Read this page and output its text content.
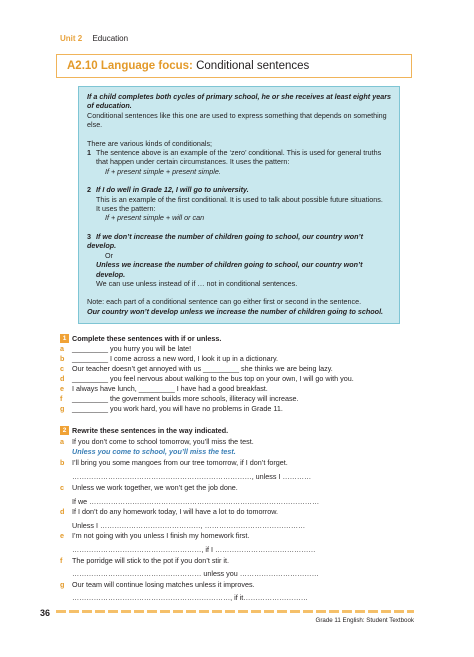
Unit 2 Education
A2.10 Language focus: Conditional sentences

If a child completes both cycles of primary school, he or she receives at least eight years of education.

Conditional sentences like this one are used to express something that depends on something else.

There are various kinds of conditionals;

1 The sentence above is an example of the ‘zero’ conditional. This is used for general truths

that happen under certain circumstances. It uses the pattern:

If + present simple + present simple.

2 If I do well in Grade 12, I will go to university.

This is an example of the first conditional. It is used to talk about possible future situations.

It uses the pattern:

If + present simple + will or can

3 If we don’t increase the number of children going to school, our country won’t develop.

Or

Unless we increase the number of children going to school, our country won’t develop.

We can use unless instead of if … not in conditional sentences.

Note: each part of a conditional sentence can go either first or second in the sentence.

Our country won’t develop unless we increase the number of children going to school.

1 Complete these sentences with if or unless.
a _________ you hurry you will be late!
b _________ I come across a new word, I look it up in a dictionary.
c Our teacher doesn’t get annoyed with us _________ she thinks we are being lazy.
d _________ you feel nervous about walking to the bus top on your own, I will go with you.
e I always have lunch, _________ I have had a good breakfast.
f _________ the government builds more schools, illiteracy will increase.
g _________ you work hard, you will have no problems in Grade 11.
2 Rewrite these sentences in the way indicated.
a If you don’t come to school tomorrow, you’ll miss the test.
Unless you come to school, you’ll miss the test.
b I’ll bring you some mangoes from our tree tomorrow, if I don’t forget.
…………………………………………………………………, unless I …………
c Unless we work together, we won’t get the job done.
If we ……………………………………………………………………………………
d If I don’t do any homework today, I will have a lot to do tomorrow.
Unless I ……………………………………, ……………………………………
e I’m not going with you unless I finish my homework first.
………………………………………………, if I ……………………………………
f The porridge will stick to the pot if you don’t stir it.
……………………………………………… unless you ……………………………
g Our team will continue losing matches unless it improves.
…………………………………………………………, if it………………………
36
Grade 11 English: Student Textbook
